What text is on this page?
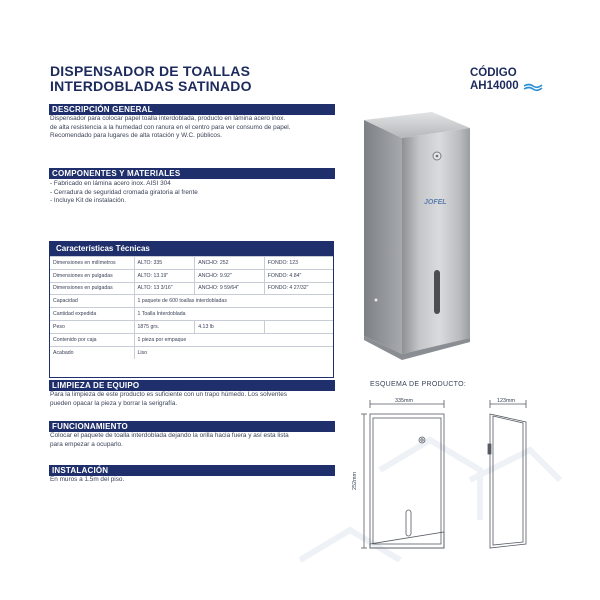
DISPENSADOR DE TOALLAS
INTERDOBLADAS SATINADO
CÓDIGO
AH14000
DESCRIPCIÓN GENERAL
Dispensador para colocar papel toalla interdoblada, producto en lámina acero inox.
de alta resistencia a la humedad con ranura en el centro para ver consumo de papel.
Recomendado para lugares de alta rotación y W.C. públicos.
COMPONENTES Y MATERIALES
- Fabricado en lámina acero inox. AISI 304
- Cerradura de seguridad cromada giratoria al frente
- Incluye Kit de instalación.
Características Técnicas
Dimensiones en milímetros	ALTO: 335	ANCHO: 252	FONDO: 123
Dimensiones en pulgadas	ALTO: 13.19"	ANCHO: 9.92"	FONDO: 4.84"
Dimensiones en pulgadas	ALTO: 13 3/16"	ANCHO: 9 59/64"	FONDO: 4 27/32"
Capacidad	1 paquete de 600 toallas interdobladas		
Cantidad expedida	1 Toalla Interdoblada		
Peso	1875 grs.	4.13 lb	
Contenido por caja	1 pieza por empaque		
Acabado	Liso		
LIMPIEZA DE EQUIPO
Para la limpieza de este producto es suficiente con un trapo húmedo. Los solventes
pueden opacar la pieza y borrar la serigrafía.
FUNCIONAMIENTO
Colocar el paquete de toalla interdoblada dejando la orilla hacia fuera y así esta lista
para empezar a ocuparlo.
INSTALACIÓN
En muros a 1.5m del piso.
JOFEL
ESQUEMA DE PRODUCTO:
335mm	123mm
252mm
